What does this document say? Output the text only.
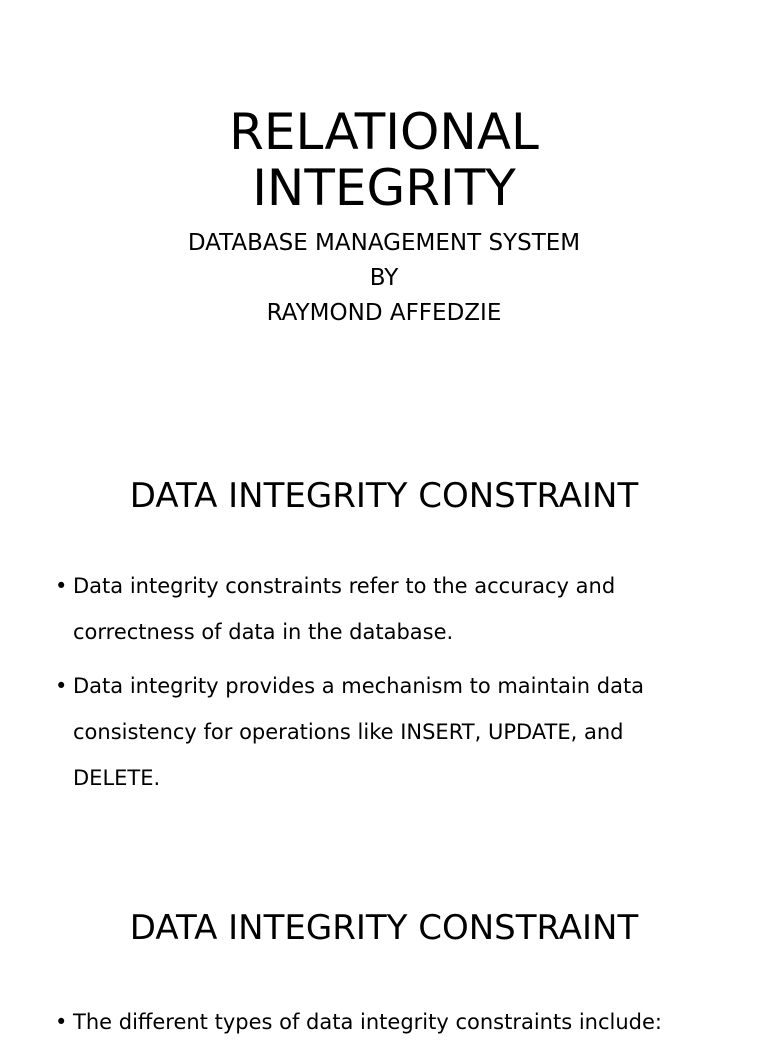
RELATIONAL
INTEGRITY
DATABASE MANAGEMENT SYSTEM
BY
RAYMOND AFFEDZIE
DATA INTEGRITY CONSTRAINT
• Data integrity constraints refer to the accuracy and correctness of data in the database.
• Data integrity provides a mechanism to maintain data consistency for operations like INSERT, UPDATE, and DELETE.
DATA INTEGRITY CONSTRAINT
• The different types of data integrity constraints include:
